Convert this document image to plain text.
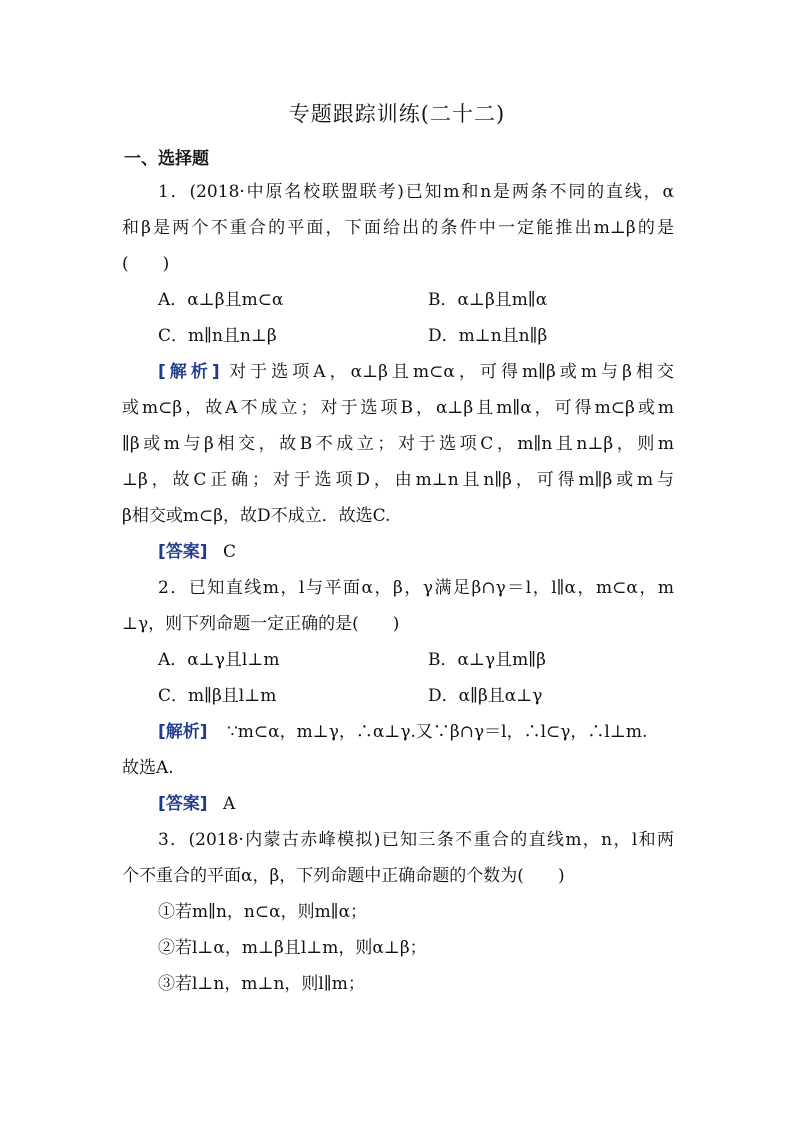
专题跟踪训练(二十二)
一、选择题
1．(2018·中原名校联盟联考)已知m和n是两条不同的直线，α
和β是两个不重合的平面，下面给出的条件中一定能推出m⊥β的是
(　　)
A．α⊥β且m⊂α	B．α⊥β且m∥α
C．m∥n且n⊥β	D．m⊥n且n∥β
[解析] 对于选项A，α⊥β且m⊂α，可得m∥β或m与β相交
或m⊂β，故A不成立；对于选项B，α⊥β且m∥α，可得m⊂β或m
∥β或m与β相交，故B不成立；对于选项C，m∥n且n⊥β，则m
⊥β，故C正确；对于选项D，由m⊥n且n∥β，可得m∥β或m与
β相交或m⊂β，故D不成立．故选C.
[答案] C
2．已知直线m，l与平面α，β，γ满足β∩γ＝l，l∥α，m⊂α，m
⊥γ，则下列命题一定正确的是(　　)
A．α⊥γ且l⊥m	B．α⊥γ且m∥β
C．m∥β且l⊥m	D．α∥β且α⊥γ
[解析] ∵m⊂α，m⊥γ，∴α⊥γ.又∵β∩γ＝l，∴l⊂γ，∴l⊥m.
故选A.
[答案] A
3．(2018·内蒙古赤峰模拟)已知三条不重合的直线m，n，l和两
个不重合的平面α，β，下列命题中正确命题的个数为(　　)
①若m∥n，n⊂α，则m∥α；
②若l⊥α，m⊥β且l⊥m，则α⊥β；
③若l⊥n，m⊥n，则l∥m；
